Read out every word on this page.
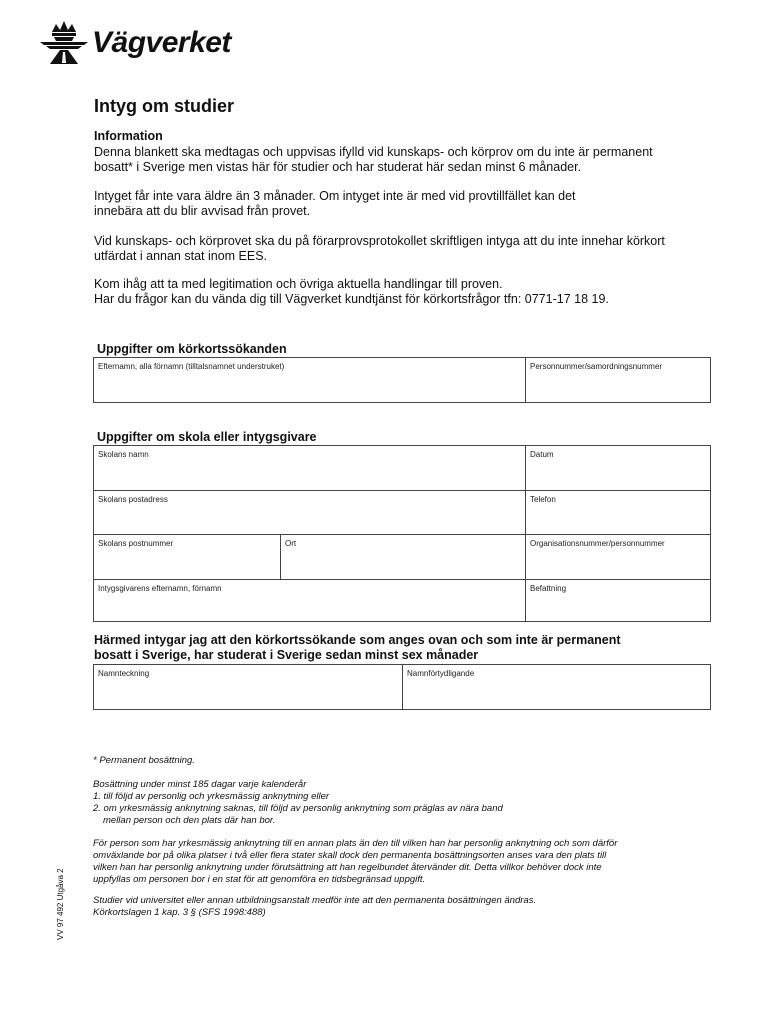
Vägverket
Intyg om studier
Information
Denna blankett ska medtagas och uppvisas ifylld vid kunskaps- och körprov om du inte är permanent
bosatt* i Sverige men vistas här för studier och har studerat här sedan minst 6 månader.
Intyget får inte vara äldre än 3 månader. Om intyget inte är med vid provtillfället kan det
innebära att du blir avvisad från provet.
Vid kunskaps- och körprovet ska du på förarprovsprotokollet skriftligen intyga att du inte innehar körkort
utfärdat i annan stat inom EES.
Kom ihåg att ta med legitimation och övriga aktuella handlingar till proven.
Har du frågor kan du vända dig till Vägverket kundtjänst för körkortsfrågor tfn: 0771-17 18 19.
Uppgifter om körkortssökanden
Efternamn, alla förnamn (tilltalsnamnet understruket)	Personnummer/samordningsnummer
Uppgifter om skola eller intygsgivare
Skolans namn	Datum
Skolans postadress	Telefon
Skolans postnummer	Ort	Organisationsnummer/personnummer
Intygsgivarens efternamn, förnamn	Befattning
Härmed intygar jag att den körkortssökande som anges ovan och som inte är permanent
bosatt i Sverige, har studerat i Sverige sedan minst sex månader
Namnteckning	Namnförtydligande
* Permanent bosättning.
Bosättning under minst 185 dagar varje kalenderår
1. till följd av personlig och yrkesmässig anknytning eller
2. om yrkesmässig anknytning saknas, till följd av personlig anknytning som präglas av nära band
mellan person och den plats där han bor.
För person som har yrkesmässig anknytning till en annan plats än den till vilken han har personlig anknytning och som därför
omväxlande bor på olika platser i två eller flera stater skall dock den permanenta bosättningsorten anses vara den plats till
vilken han har personlig anknytning under förutsättning att han regelbundet återvänder dit. Detta villkor behöver dock inte
uppfyllas om personen bor i en stat för att genomföra en tidsbegränsad uppgift.
Studier vid universitet eller annan utbildningsanstalt medför inte att den permanenta bosättningen ändras.
Körkortslagen 1 kap. 3 § (SFS 1998:488)
VV 97 492 Utgåva 2
